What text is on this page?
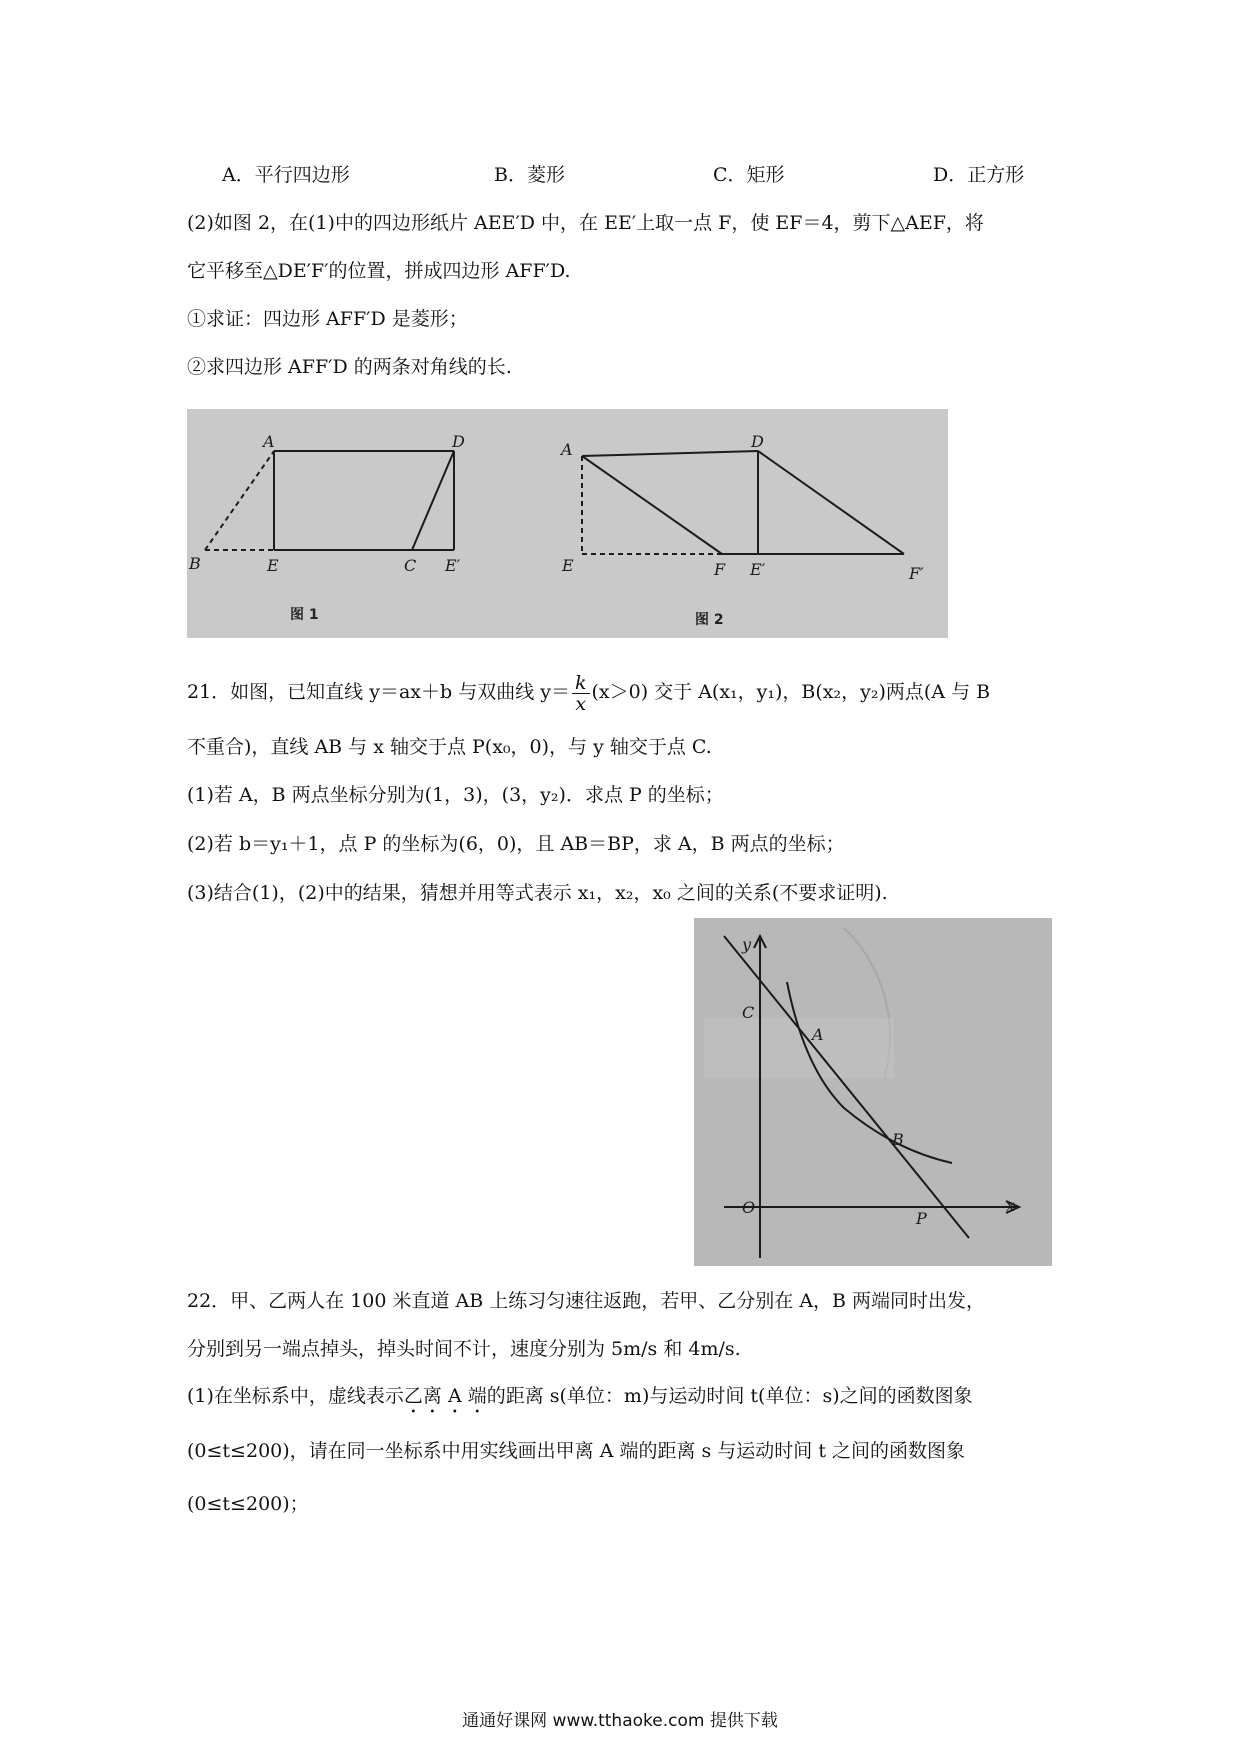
A．平行四边形	B．菱形	C．矩形	D．正方形
(2)如图 2，在(1)中的四边形纸片 AEE′D 中，在 EE′上取一点 F，使 EF＝4，剪下△AEF，将
它平移至△DE′F′的位置，拼成四边形 AFF′D.
①求证：四边形 AFF′D 是菱形；
②求四边形 AFF′D 的两条对角线的长.
A	D
B	E	C E′
图 1
A	D
E	F E′	F′
图 2
21．如图，已知直线 y＝ax＋b 与双曲线 $y= \frac{k}{x} (x>0)$ 交于 A(x₁，y₁)，B(x₂，y₂)两点(A 与 B
不重合)，直线 AB 与 x 轴交于点 P(x₀，0)，与 y 轴交于点 C.
(1)若 A，B 两点坐标分别为(1，3)，(3，y₂)．求点 P 的坐标；
(2)若 b＝y₁＋1，点 P 的坐标为(6，0)，且 AB＝BP，求 A，B 两点的坐标；
(3)结合(1)，(2)中的结果，猜想并用等式表示 x₁，x₂，x₀ 之间的关系(不要求证明).
y
x
O
C
A
B
P
22．甲、乙两人在 100 米直道 AB 上练习匀速往返跑，若甲、乙分别在 A，B 两端同时出发，
分别到另一端点掉头，掉头时间不计，速度分别为 5m/s 和 4m/s.
(1)在坐标系中，虚线表示乙离 A 端的距离 s(单位：m)与运动时间 t(单位：s)之间的函数图象
(0≤t≤200)，请在同一坐标系中用实线画出甲离 A 端的距离 s 与运动时间 t 之间的函数图象
(0≤t≤200)；
通通好课网 www.tthaoke.com 提供下载
